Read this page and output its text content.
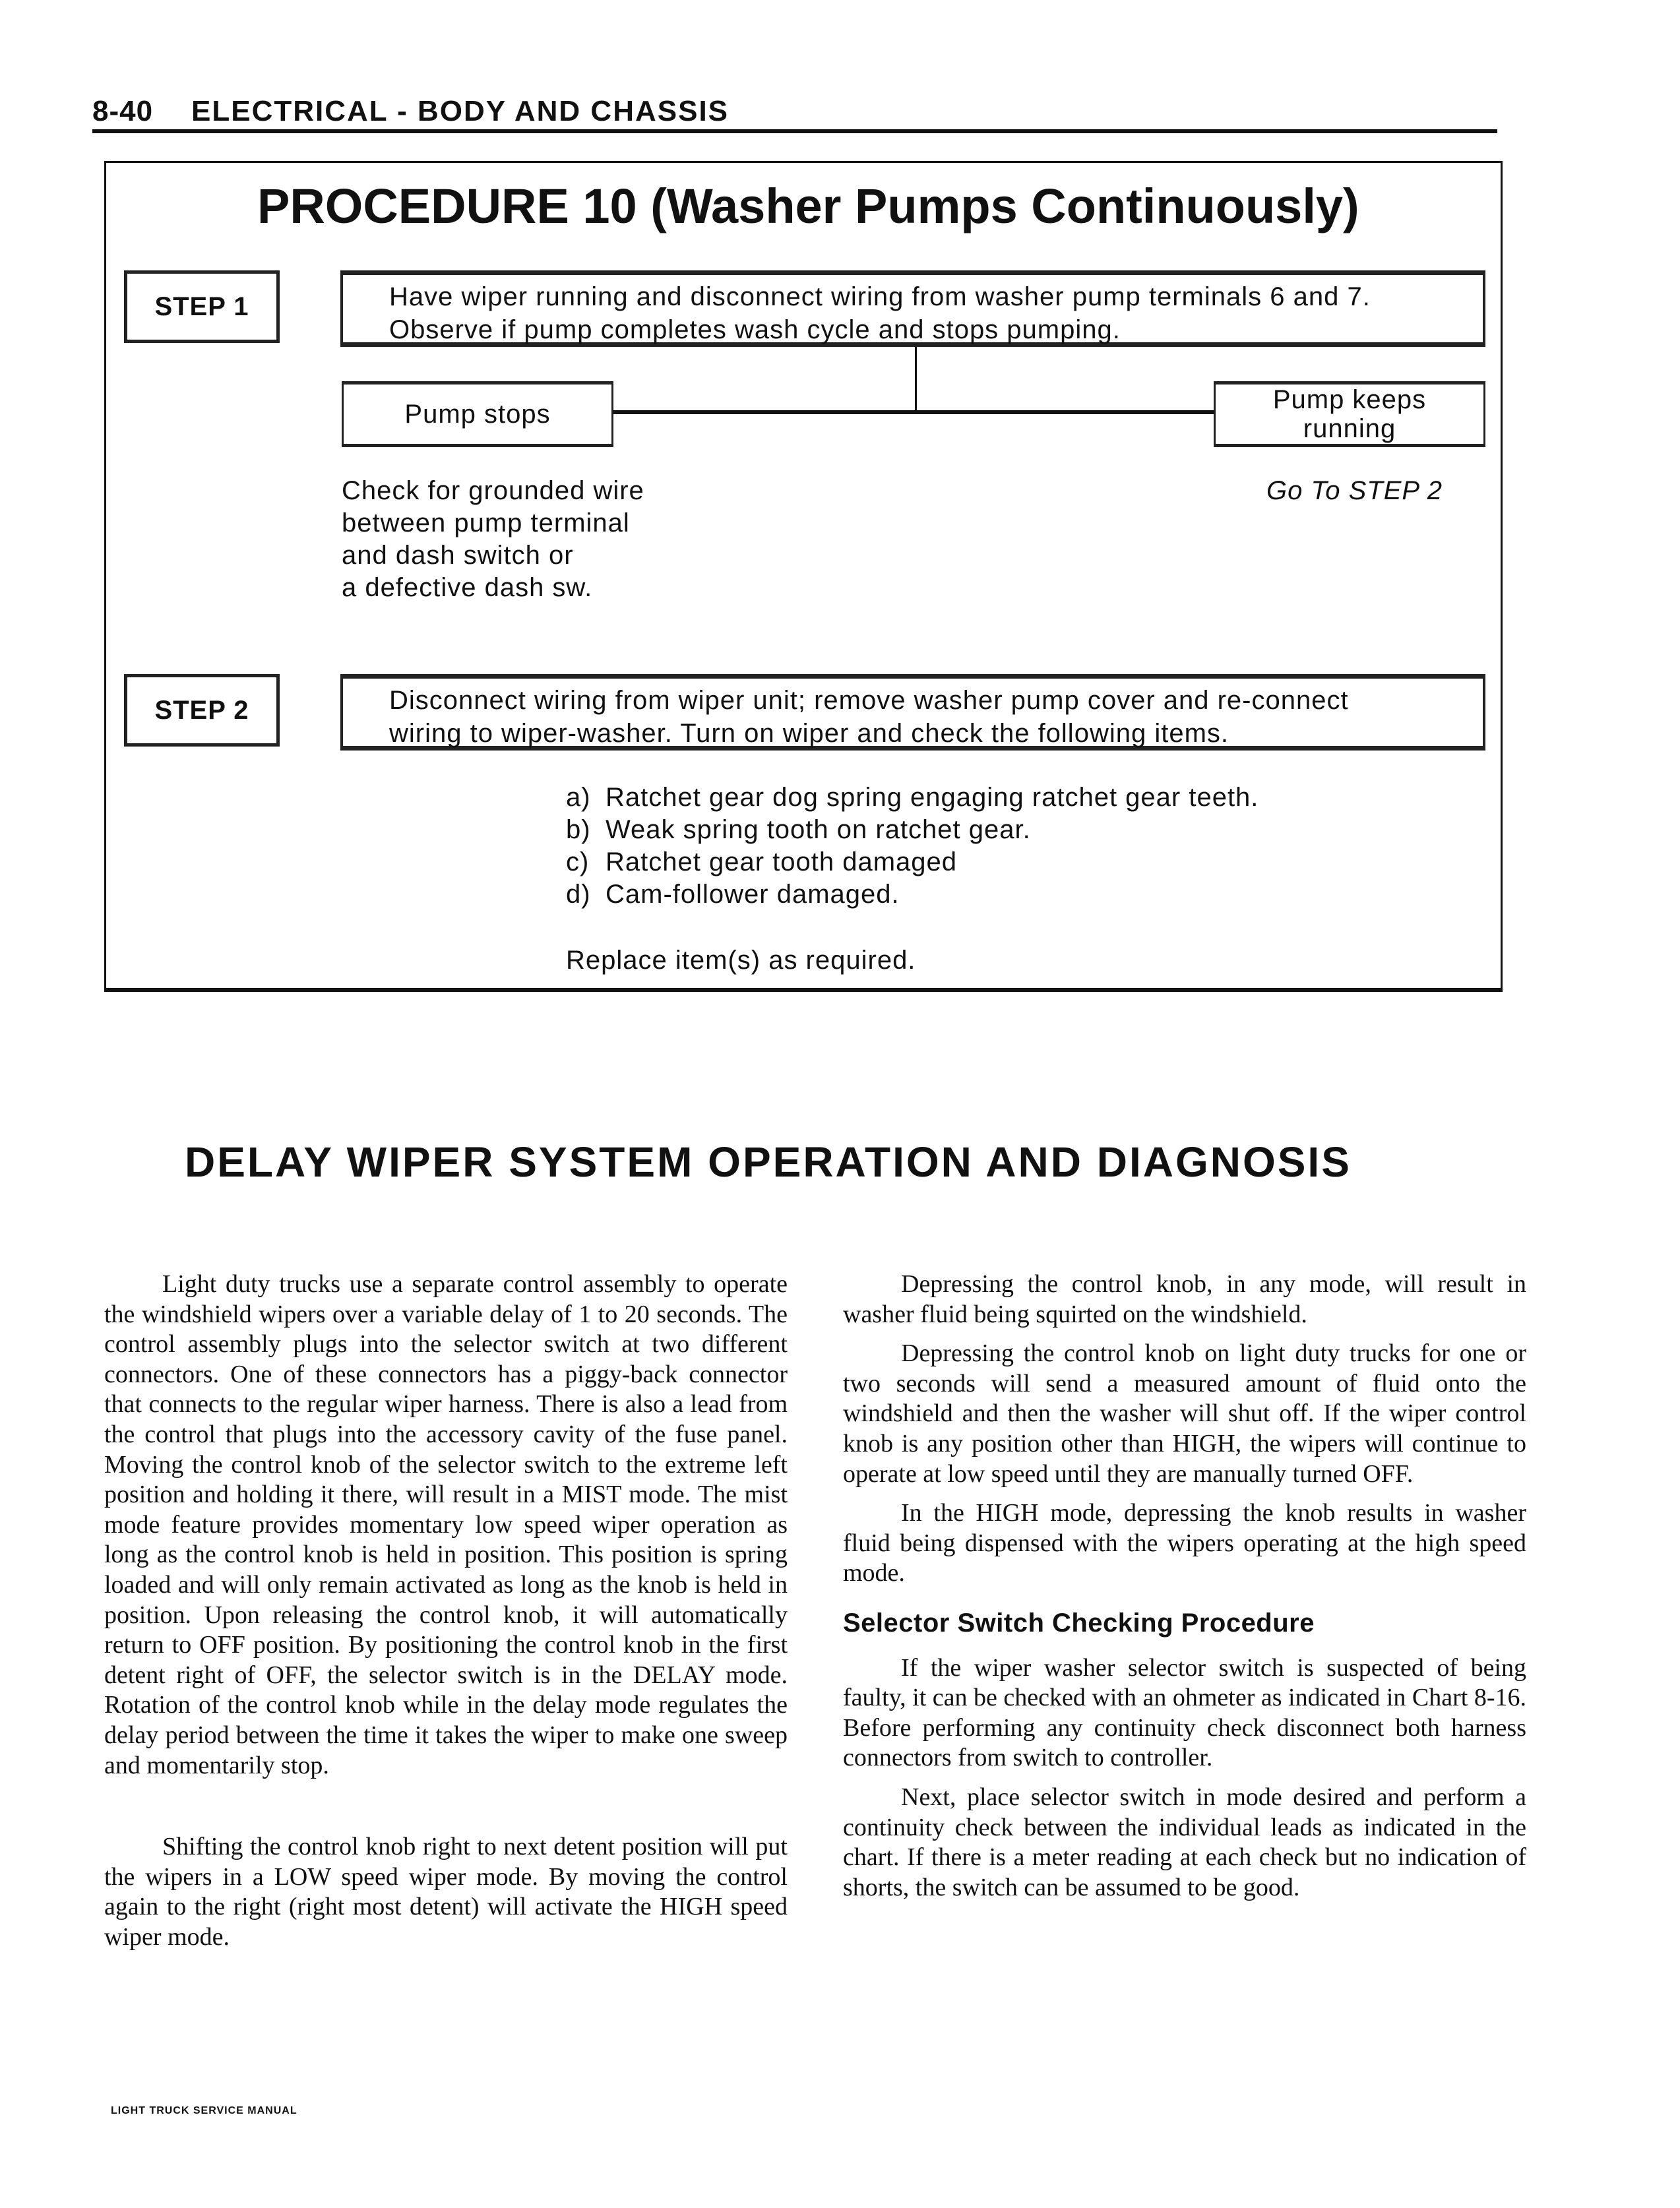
8-40 ELECTRICAL - BODY AND CHASSIS
PROCEDURE 10 (Washer Pumps Continuously)
STEP 1	Have wiper running and disconnect wiring from washer pump terminals 6 and 7.
Observe if pump completes wash cycle and stops pumping.
Pump stops	Pump keeps
running
Check for grounded wire
between pump terminal
and dash switch or
a defective dash sw.
Go To STEP 2
STEP 2	Disconnect wiring from wiper unit; remove washer pump cover and re-connect
wiring to wiper-washer. Turn on wiper and check the following items.
a) Ratchet gear dog spring engaging ratchet gear teeth.
b) Weak spring tooth on ratchet gear.
c) Ratchet gear tooth damaged
d) Cam-follower damaged.
Replace item(s) as required.
DELAY WIPER SYSTEM OPERATION AND DIAGNOSIS

Light duty trucks use a separate control assembly to operate the windshield wipers over a variable delay of 1 to 20 seconds. The control assembly plugs into the selector switch at two different connectors. One of these connectors has a piggy-back connector that connects to the regular wiper harness. There is also a lead from the control that plugs into the accessory cavity of the fuse panel. Moving the control knob of the selector switch to the extreme left position and holding it there, will result in a MIST mode. The mist mode feature provides momentary low speed wiper operation as long as the control knob is held in position. This position is spring loaded and will only remain activated as long as the knob is held in position. Upon releasing the control knob, it will automatically return to OFF position. By positioning the control knob in the first detent right of OFF, the selector switch is in the DELAY mode. Rotation of the control knob while in the delay mode regulates the delay period between the time it takes the wiper to make one sweep and momentarily stop.

Shifting the control knob right to next detent position will put the wipers in a LOW speed wiper mode. By moving the control again to the right (right most detent) will activate the HIGH speed wiper mode.

Depressing the control knob, in any mode, will result in washer fluid being squirted on the windshield.

Depressing the control knob on light duty trucks for one or two seconds will send a measured amount of fluid onto the windshield and then the washer will shut off. If the wiper control knob is any position other than HIGH, the wipers will continue to operate at low speed until they are manually turned OFF.

In the HIGH mode, depressing the knob results in washer fluid being dispensed with the wipers operating at the high speed mode.

Selector Switch Checking Procedure

If the wiper washer selector switch is suspected of being faulty, it can be checked with an ohmeter as indicated in Chart 8-16. Before performing any continuity check disconnect both harness connectors from switch to controller.

Next, place selector switch in mode desired and perform a continuity check between the individual leads as indicated in the chart. If there is a meter reading at each check but no indication of shorts, the switch can be assumed to be good.

LIGHT TRUCK SERVICE MANUAL
